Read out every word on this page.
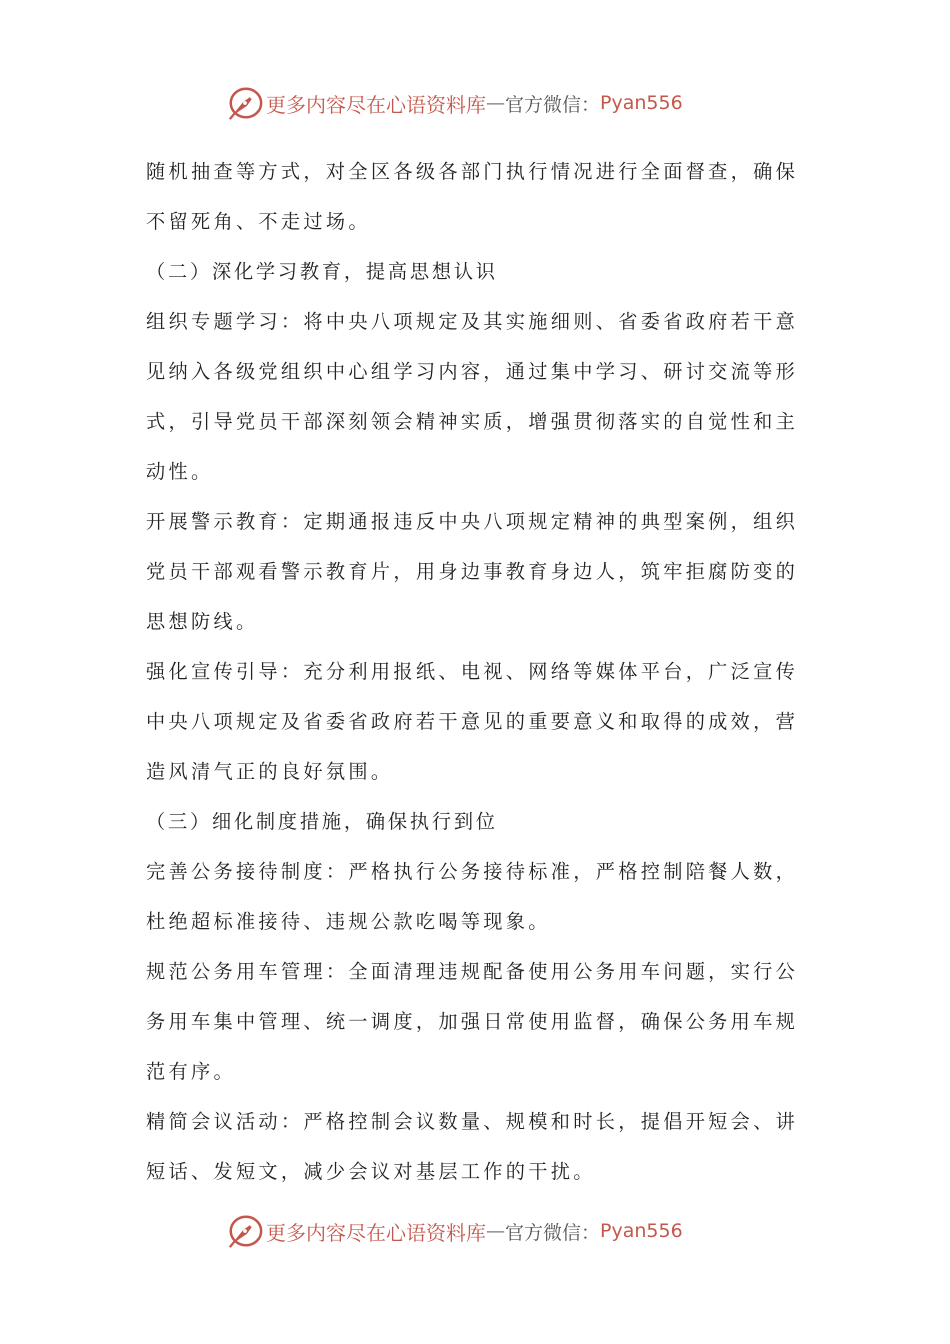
更多内容尽在心语资料库 — 官方微信： Pyan556
随机抽查等方式，对全区各级各部门执行情况进行全面督查，确保
不留死角、不走过场。
（二）深化学习教育，提高思想认识
组织专题学习：将中央八项规定及其实施细则、省委省政府若干意
见纳入各级党组织中心组学习内容，通过集中学习、研讨交流等形
式，引导党员干部深刻领会精神实质，增强贯彻落实的自觉性和主
动性。
开展警示教育：定期通报违反中央八项规定精神的典型案例，组织
党员干部观看警示教育片，用身边事教育身边人，筑牢拒腐防变的
思想防线。
强化宣传引导：充分利用报纸、电视、网络等媒体平台，广泛宣传
中央八项规定及省委省政府若干意见的重要意义和取得的成效，营
造风清气正的良好氛围。
（三）细化制度措施，确保执行到位
完善公务接待制度：严格执行公务接待标准，严格控制陪餐人数，
杜绝超标准接待、违规公款吃喝等现象。
规范公务用车管理：全面清理违规配备使用公务用车问题，实行公
务用车集中管理、统一调度，加强日常使用监督，确保公务用车规
范有序。
精简会议活动：严格控制会议数量、规模和时长，提倡开短会、讲
短话、发短文，减少会议对基层工作的干扰。
更多内容尽在心语资料库 — 官方微信： Pyan556
